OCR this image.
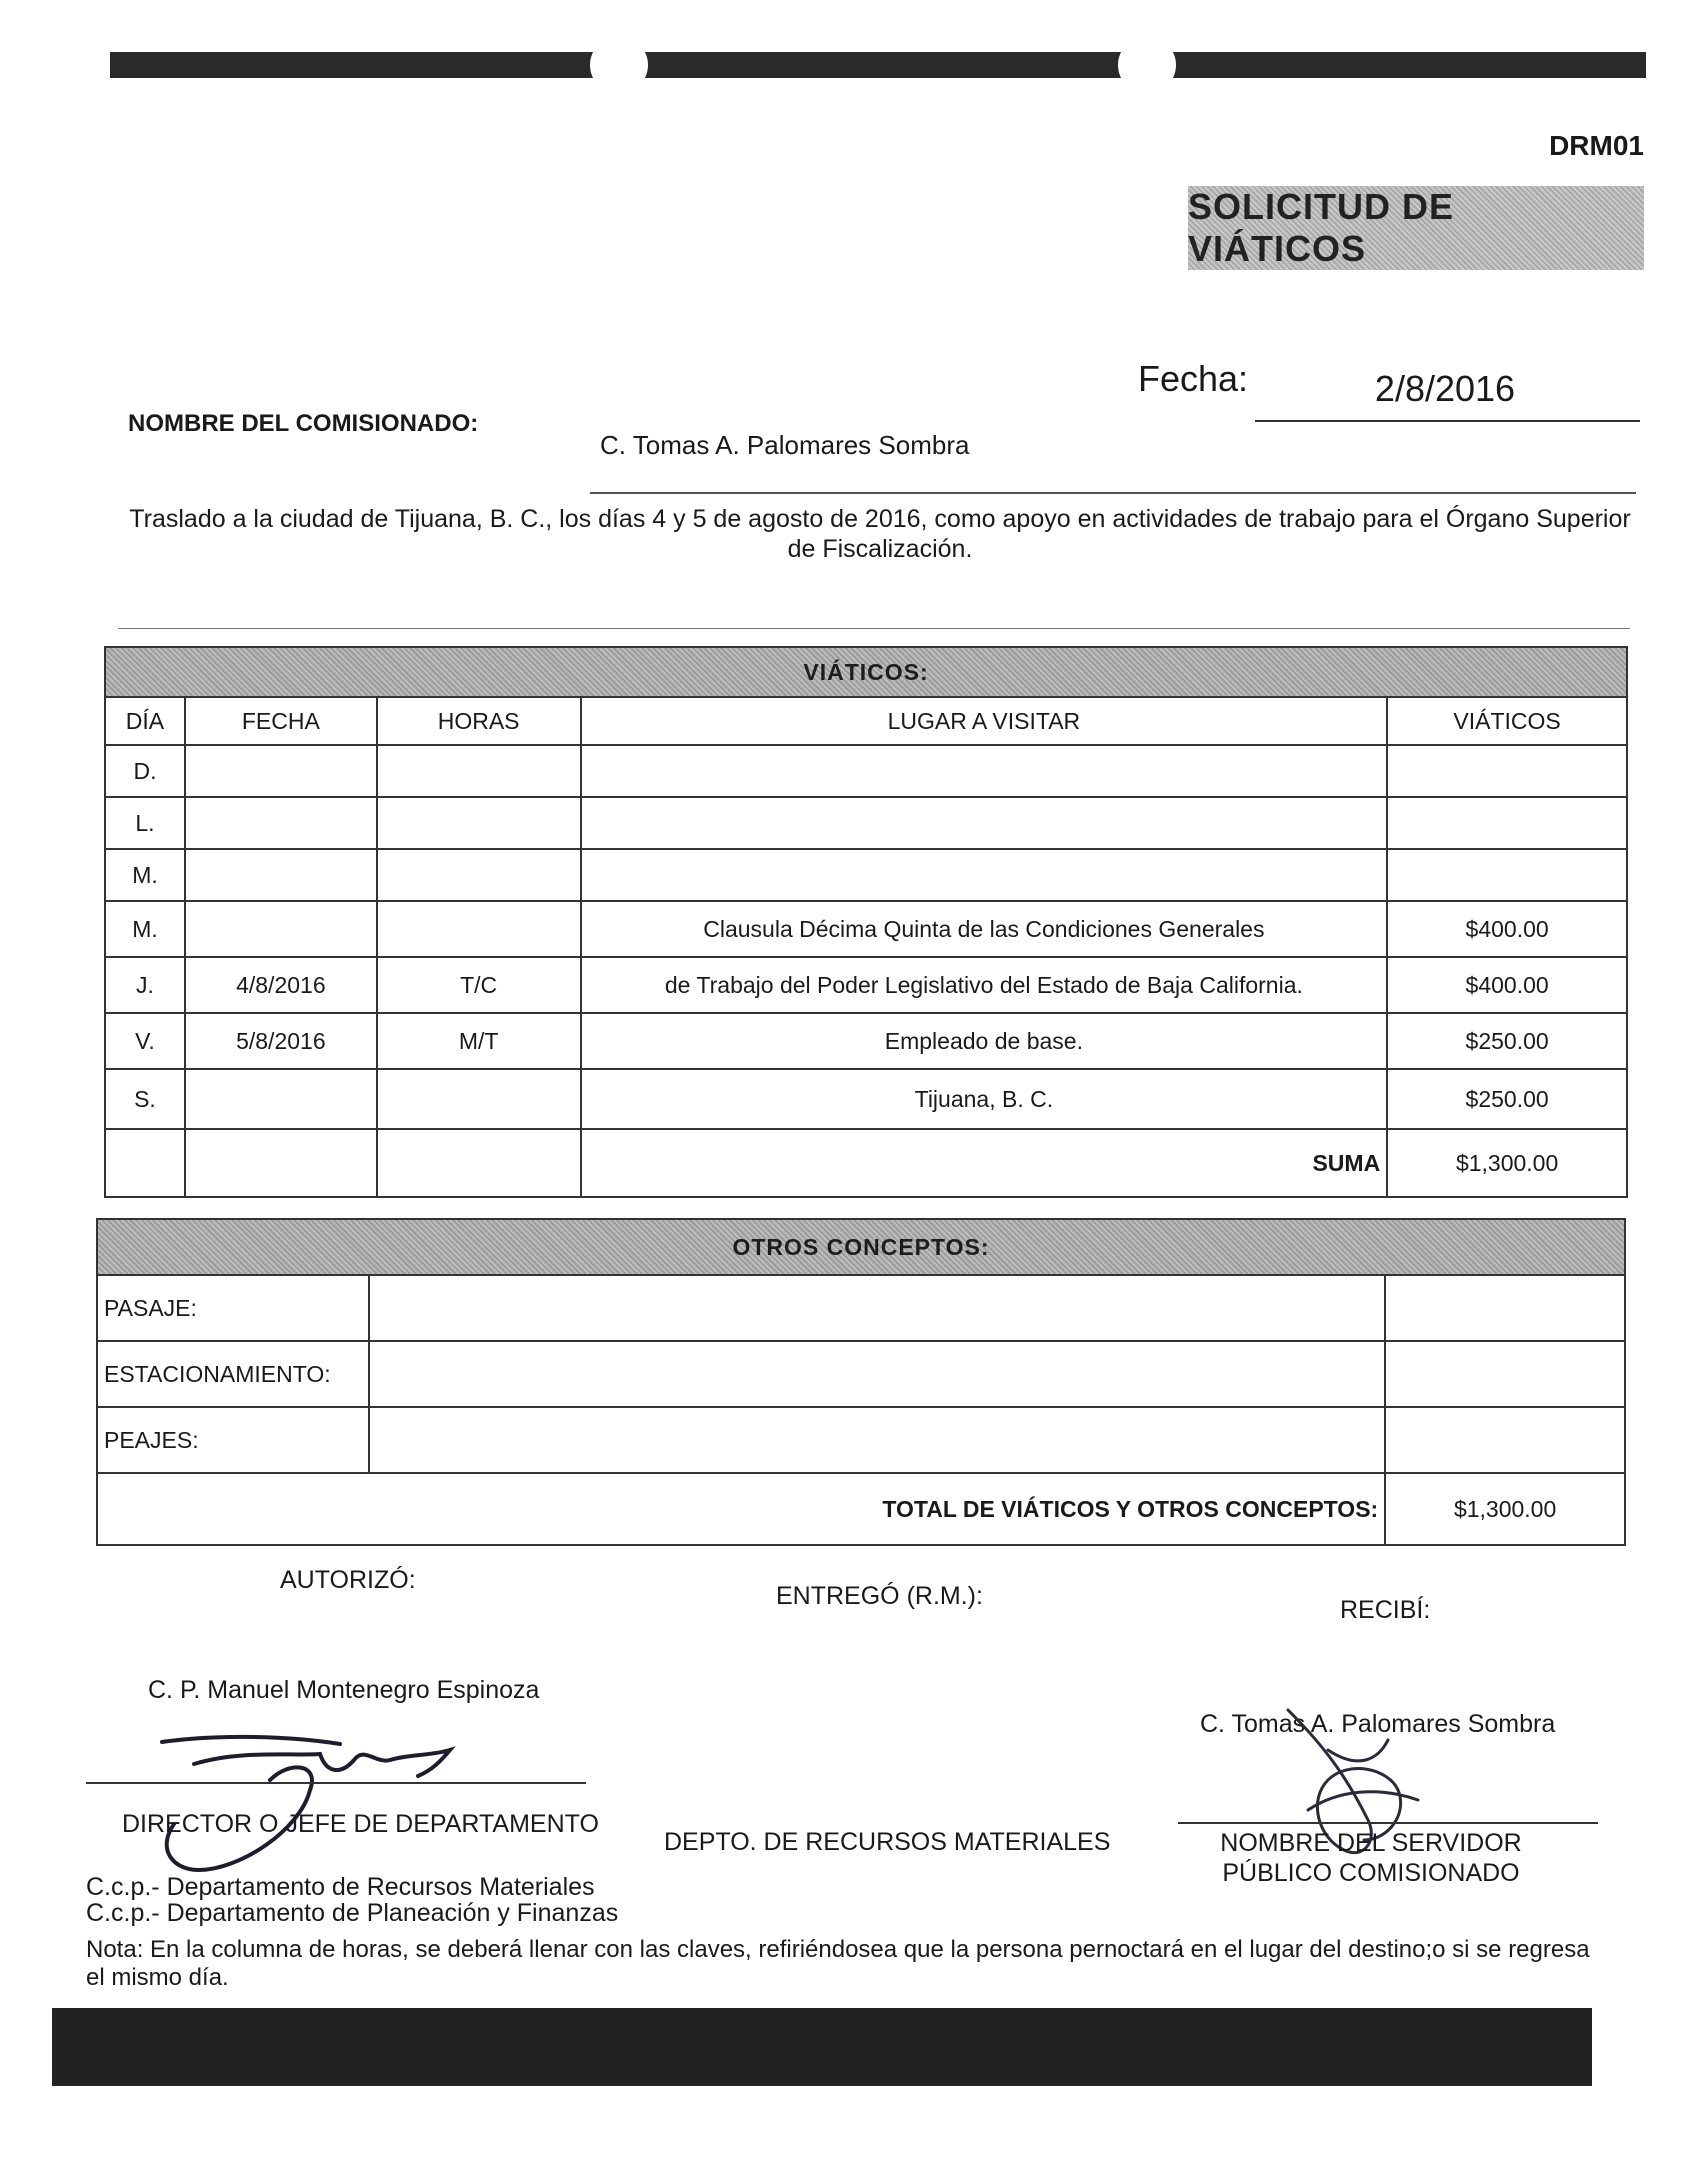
DRM01
SOLICITUD DE VIÁTICOS
Fecha:	2/8/2016
NOMBRE DEL COMISIONADO:
C. Tomas A. Palomares Sombra
Traslado a la ciudad de Tijuana, B. C., los días 4 y 5 de agosto de 2016, como apoyo en actividades de trabajo para el Órgano Superior de Fiscalización.
VIÁTICOS:				
DÍA	FECHA	HORAS	LUGAR A VISITAR	VIÁTICOS
D.				
L.				
M.				
M.			Clausula Décima Quinta de las Condiciones Generales	$400.00
J.	4/8/2016	T/C	de Trabajo del Poder Legislativo del Estado de Baja California.	$400.00
V.	5/8/2016	M/T	Empleado de base.	$250.00
S.			Tijuana, B. C.	$250.00
			SUMA	$1,300.00
OTROS CONCEPTOS:		
PASAJE:		
ESTACIONAMIENTO:		
PEAJES:		
TOTAL DE VIÁTICOS Y OTROS CONCEPTOS:		$1,300.00
AUTORIZÓ:
ENTREGÓ (R.M.):	RECIBÍ:
C. P. Manuel Montenegro Espinoza
C. Tomas A. Palomares Sombra
DIRECTOR O JEFE DE DEPARTAMENTO
DEPTO. DE RECURSOS MATERIALES	NOMBRE DEL SERVIDOR PÚBLICO COMISIONADO
C.c.p.- Departamento de Recursos Materiales
C.c.p.- Departamento de Planeación y Finanzas
Nota: En la columna de horas, se deberá llenar con las claves, refiriéndosea que la persona pernoctará en el lugar del destino;o si se regresa el mismo día.
